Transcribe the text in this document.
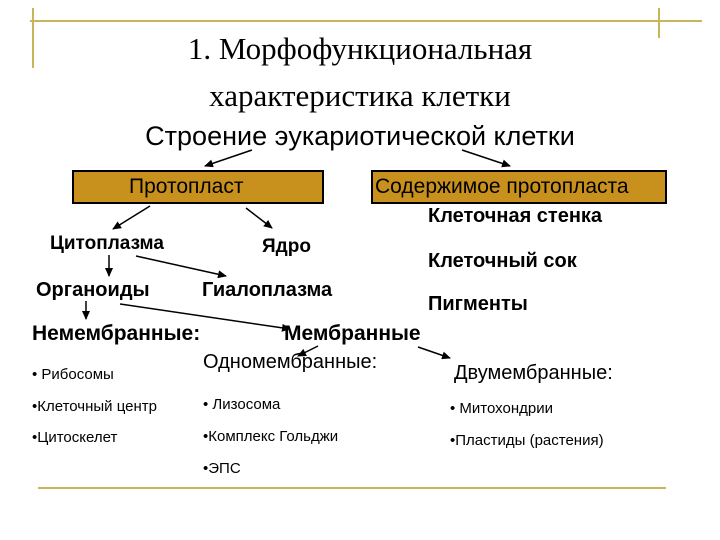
1. Морфофункциональная
характеристика клетки
Строение эукариотической клетки
Протопласт	Содержимое протопласта
Клеточная стенка
Цитоплазма	Ядро
Клеточный сок
Органоиды	Гиалоплазма
Пигменты
Немембранные:	Мембранные
Одномембранные:	Двумембранные:
• Рибосомы
•Клеточный центр
•Цитоскелет
• Лизосома
•Комплекс Гольджи
•ЭПС
• Митохондрии
•Пластиды (растения)
